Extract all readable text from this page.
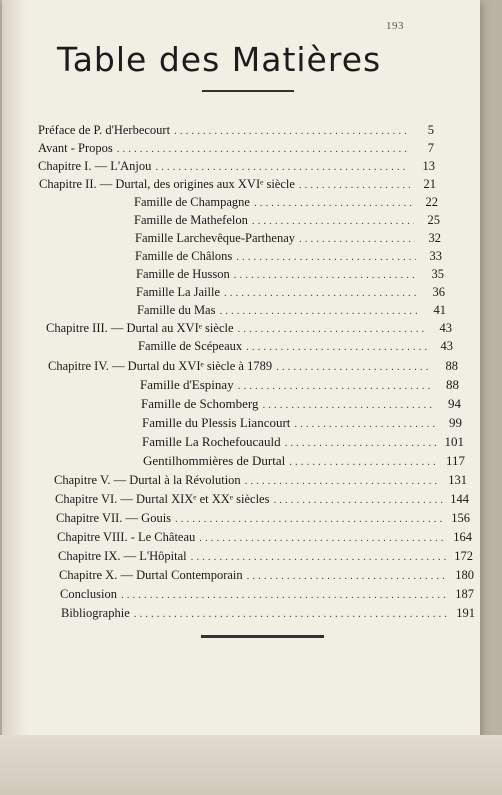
193
Table des Matières
Préface de P. d'Herbecourt .....	5
Avant - Propos .....	7
Chapitre I. — L'Anjou .....	13
Chapitre II. — Durtal, des origines aux XVIᵉ siècle .....	21
Famille de Champagne .....	22
Famille de Mathefelon .....	25
Famille Larchevêque-Parthenay .....	32
Famille de Châlons .....	33
Famille de Husson .....	35
Famille La Jaille .....	36
Famille du Mas .....	41
Chapitre III. — Durtal au XVIᵉ siècle .....	43
Famille de Scépeaux .....	43
Chapitre IV. — Durtal du XVIᵉ siècle à 1789 .....	88
Famille d'Espinay .....	88
Famille de Schomberg .....	94
Famille du Plessis Liancourt .....	99
Famille La Rochefoucauld .....	101
Gentilhommières de Durtal .....	117
Chapitre V. — Durtal à la Révolution .....	131
Chapitre VI. — Durtal XIXᵉ et XXᵉ siècles .....	144
Chapitre VII. — Gouis .....	156
Chapitre VIII. - Le Château .....	164
Chapitre IX. — L'Hôpital .....	172
Chapitre X. — Durtal Contemporain .....	180
Conclusion .....	187
Bibliographie .....	191
